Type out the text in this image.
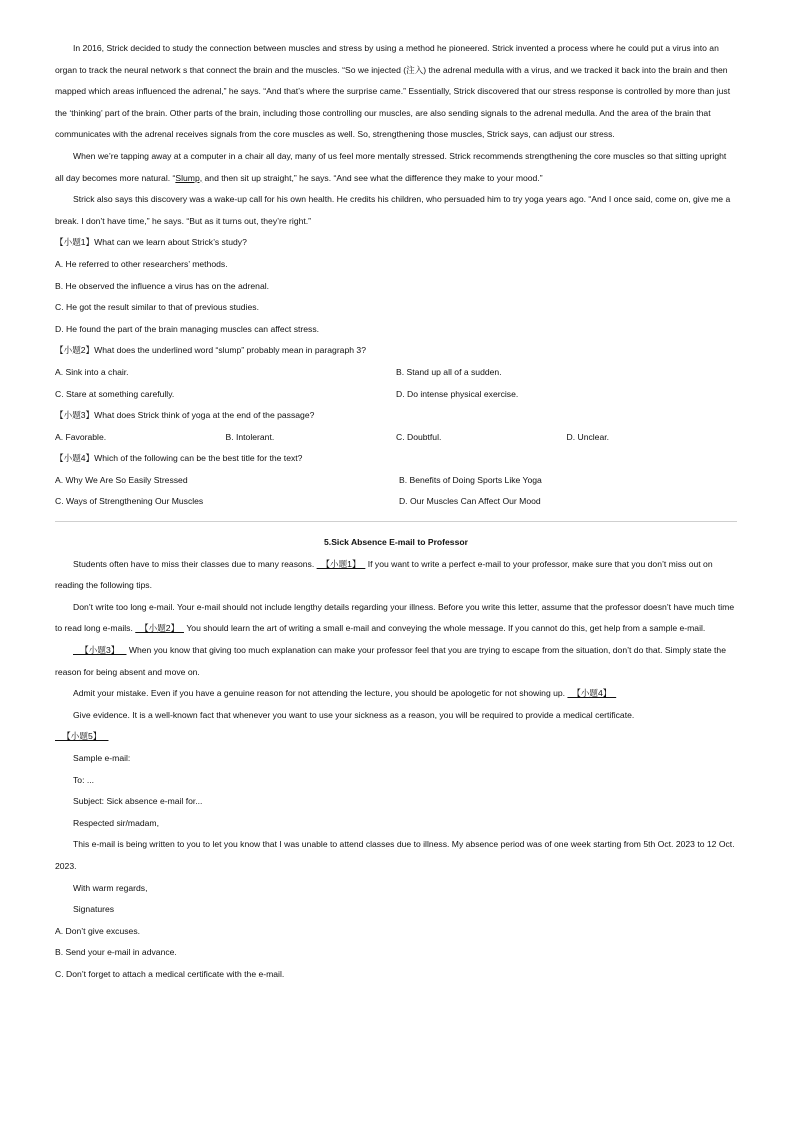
In 2016, Strick decided to study the connection between muscles and stress by using a method he pioneered. Strick invented a process where he could put a virus into an organ to track the neural network s that connect the brain and the muscles. “So we injected (注入) the adrenal medulla with a virus, and we tracked it back into the brain and then mapped which areas influenced the adrenal,” he says. “And that’s where the surprise came.” Essentially, Strick discovered that our stress response is controlled by more than just the ‘thinking’ part of the brain. Other parts of the brain, including those controlling our muscles, are also sending signals to the adrenal medulla. And the area of the brain that communicates with the adrenal receives signals from the core muscles as well. So, strengthening those muscles, Strick says, can adjust our stress.

When we’re tapping away at a computer in a chair all day, many of us feel more mentally stressed. Strick recommends strengthening the core muscles so that sitting upright all day becomes more natural. “Slump, and then sit up straight,” he says. “And see what the difference they make to your mood.”

Strick also says this discovery was a wake-up call for his own health. He credits his children, who persuaded him to try yoga years ago. “And I once said, come on, give me a break. I don’t have time,” he says. “But as it turns out, they’re right.”

【小题1】What can we learn about Strick’s study?

A. He referred to other researchers’ methods.

B. He observed the influence a virus has on the adrenal.

C. He got the result similar to that of previous studies.

D. He found the part of the brain managing muscles can affect stress.

【小题2】What does the underlined word “slump” probably mean in paragraph 3?

A. Sink into a chair.	B. Stand up all of a sudden.
C. Stare at something carefully.	D. Do intense physical exercise.

【小题3】What does Strick think of yoga at the end of the passage?

A. Favorable.	B. Intolerant.	C. Doubtful.	D. Unclear.

【小题4】Which of the following can be the best title for the text?

A. Why We Are So Easily Stressed	B. Benefits of Doing Sports Like Yoga
C. Ways of Strengthening Our Muscles	D. Our Muscles Can Affect Our Mood

5.Sick Absence E-mail to Professor

Students often have to miss their classes due to many reasons.   【小题1】   If you want to write a perfect e-mail to your professor, make sure that you don’t miss out on reading the following tips.

Don’t write too long e-mail. Your e-mail should not include lengthy details regarding your illness. Before you write this letter, assume that the professor doesn’t have much time to read long e-mails.   【小题2】   You should learn the art of writing a small e-mail and conveying the whole message. If you cannot do this, get help from a sample e-mail.

【小题3】    When you know that giving too much explanation can make your professor feel that you are trying to escape from the situation, don’t do that. Simply state the reason for being absent and move on.

Admit your mistake. Even if you have a genuine reason for not attending the lecture, you should be apologetic for not showing up.   【小题4】

Give evidence. It is a well-known fact that whenever you want to use your sickness as a reason, you will be required to provide a medical certificate.

【小题5】

Sample e-mail:

To: ...

Subject: Sick absence e-mail for...

Respected sir/madam,

This e-mail is being written to you to let you know that I was unable to attend classes due to illness. My absence period was of one week starting from 5th Oct. 2023 to 12 Oct. 2023.

With warm regards,

Signatures

A. Don’t give excuses.

B. Send your e-mail in advance.

C. Don’t forget to attach a medical certificate with the e-mail.
